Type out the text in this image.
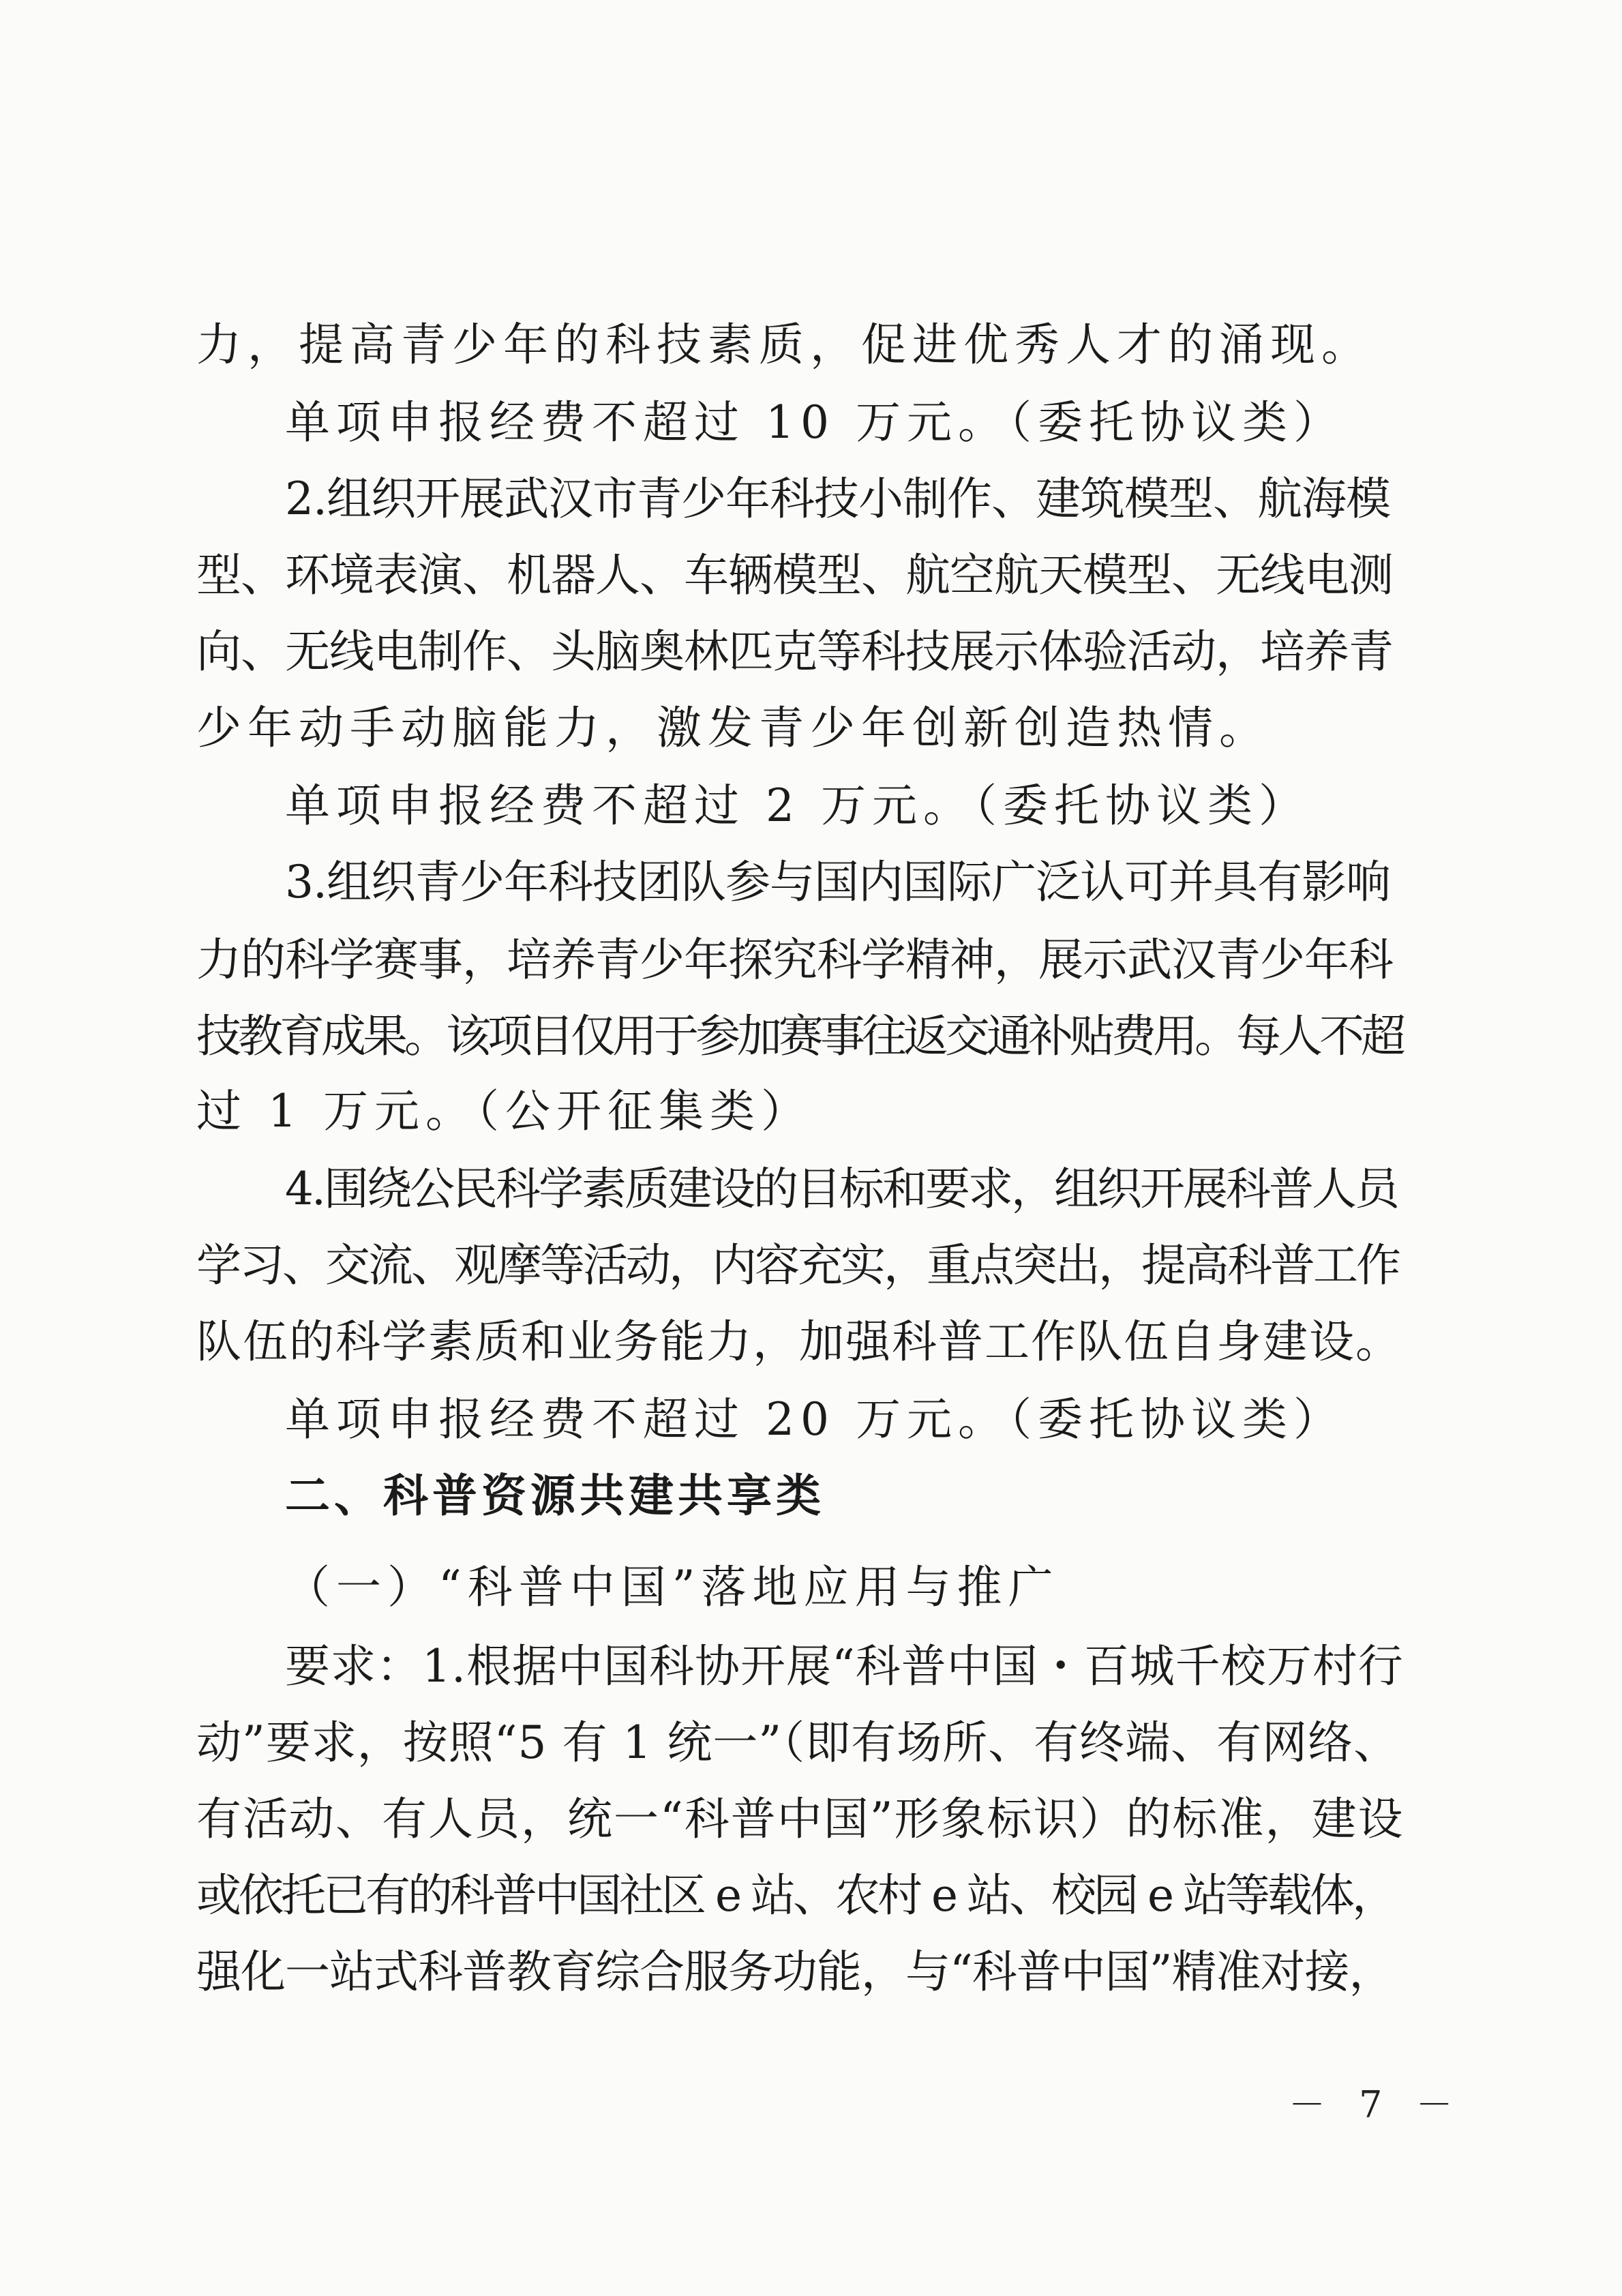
力，提高青少年的科技素质，促进优秀人才的涌现。
单项申报经费不超过 10 万元。（委托协议类）
2.组织开展武汉市青少年科技小制作、建筑模型、航海模
型、环境表演、机器人、车辆模型、航空航天模型、无线电测
向、无线电制作、头脑奥林匹克等科技展示体验活动，培养青
少年动手动脑能力，激发青少年创新创造热情。
单项申报经费不超过 2 万元。（委托协议类）
3.组织青少年科技团队参与国内国际广泛认可并具有影响
力的科学赛事，培养青少年探究科学精神，展示武汉青少年科
技教育成果。该项目仅用于参加赛事往返交通补贴费用。每人不超
过 1 万元。（公开征集类）
4.围绕公民科学素质建设的目标和要求，组织开展科普人员
学习、交流、观摩等活动，内容充实，重点突出，提高科普工作
队伍的科学素质和业务能力，加强科普工作队伍自身建设。
单项申报经费不超过 20 万元。（委托协议类）
二、科普资源共建共享类
（一）“科普中国”落地应用与推广
要求：1.根据中国科协开展“科普中国・百城千校万村行
动”要求，按照“5 有 1 统一”（即有场所、有终端、有网络、
有活动、有人员，统一“科普中国”形象标识）的标准，建设
或依托已有的科普中国社区 e 站、农村 e 站、校园 e 站等载体，
强化一站式科普教育综合服务功能，与“科普中国”精准对接，
－ 7 －
